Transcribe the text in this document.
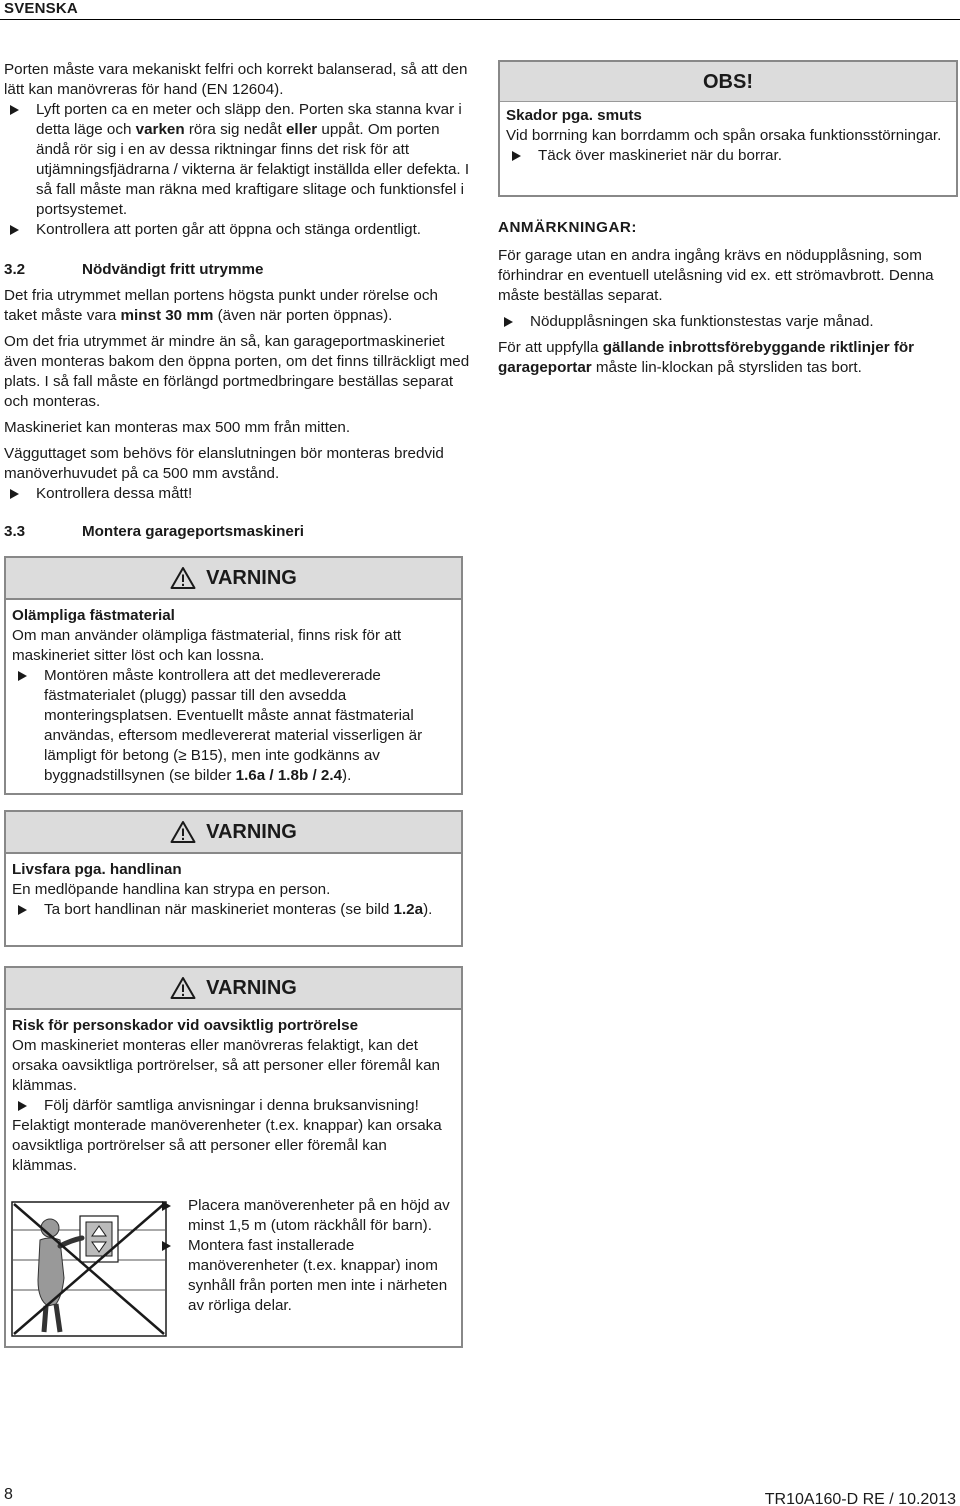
SVENSKA

Porten måste vara mekaniskt felfri och korrekt balanserad, så att den lätt kan manövreras för hand (EN 12604).

Lyft porten ca en meter och släpp den. Porten ska stanna kvar i detta läge och varken röra sig nedåt eller uppåt. Om porten ändå rör sig i en av dessa riktningar finns det risk för att utjämningsfjädrarna / vikterna är felaktigt inställda eller defekta. I så fall måste man räkna med kraftigare slitage och funktionsfel i portsystemet.

Kontrollera att porten går att öppna och stänga ordentligt.

3.2	Nödvändigt fritt utrymme

Det fria utrymmet mellan portens högsta punkt under rörelse och taket måste vara minst 30 mm (även när porten öppnas).

Om det fria utrymmet är mindre än så, kan garageportmaskineriet även monteras bakom den öppna porten, om det finns tillräckligt med plats. I så fall måste en förlängd portmedbringare beställas separat och monteras.

Maskineriet kan monteras max 500 mm från mitten.

Vägguttaget som behövs för elanslutningen bör monteras bredvid manöverhuvudet på ca 500 mm avstånd.

Kontrollera dessa mått!

3.3	Montera garageportsmaskineri
VARNING

Olämpliga fästmaterial

Om man använder olämpliga fästmaterial, finns risk för att maskineriet sitter löst och kan lossna.

Montören måste kontrollera att det medlevererade fästmaterialet (plugg) passar till den avsedda monteringsplatsen. Eventuellt måste annat fästmaterial användas, eftersom medlevererat material visserligen är lämpligt för betong (≥ B15), men inte godkänns av byggnadstillsynen (se bilder 1.6a / 1.8b / 2.4).

VARNING

Livsfara pga. handlinan

En medlöpande handlina kan strypa en person.

Ta bort handlinan när maskineriet monteras (se bild 1.2a).

VARNING

Risk för personskador vid oavsiktlig portrörelse

Om maskineriet monteras eller manövreras felaktigt, kan det orsaka oavsiktliga portrörelser, så att personer eller föremål kan klämmas.

Följ därför samtliga anvisningar i denna bruksanvisning!

Felaktigt monterade manöverenheter (t.ex. knappar) kan orsaka oavsiktliga portrörelser så att personer eller föremål kan klämmas.

Placera manöverenheter på en höjd av minst 1,5 m (utom räckhåll för barn).

Montera fast installerade manöverenheter (t.ex. knappar) inom synhåll från porten men inte i närheten av rörliga delar.

OBS!

Skador pga. smuts

Vid borrning kan borrdamm och spån orsaka funktionsstörningar.

Täck över maskineriet när du borrar.

ANMÄRKNINGAR:

För garage utan en andra ingång krävs en nödupplåsning, som förhindrar en eventuell utelåsning vid ex. ett strömavbrott. Denna måste beställas separat.

Nödupplåsningen ska funktionstestas varje månad.

För att uppfylla gällande inbrottsförebyggande riktlinjer för garageportar måste lin-klockan på styrsliden tas bort.

8	TR10A160-D RE / 10.2013
